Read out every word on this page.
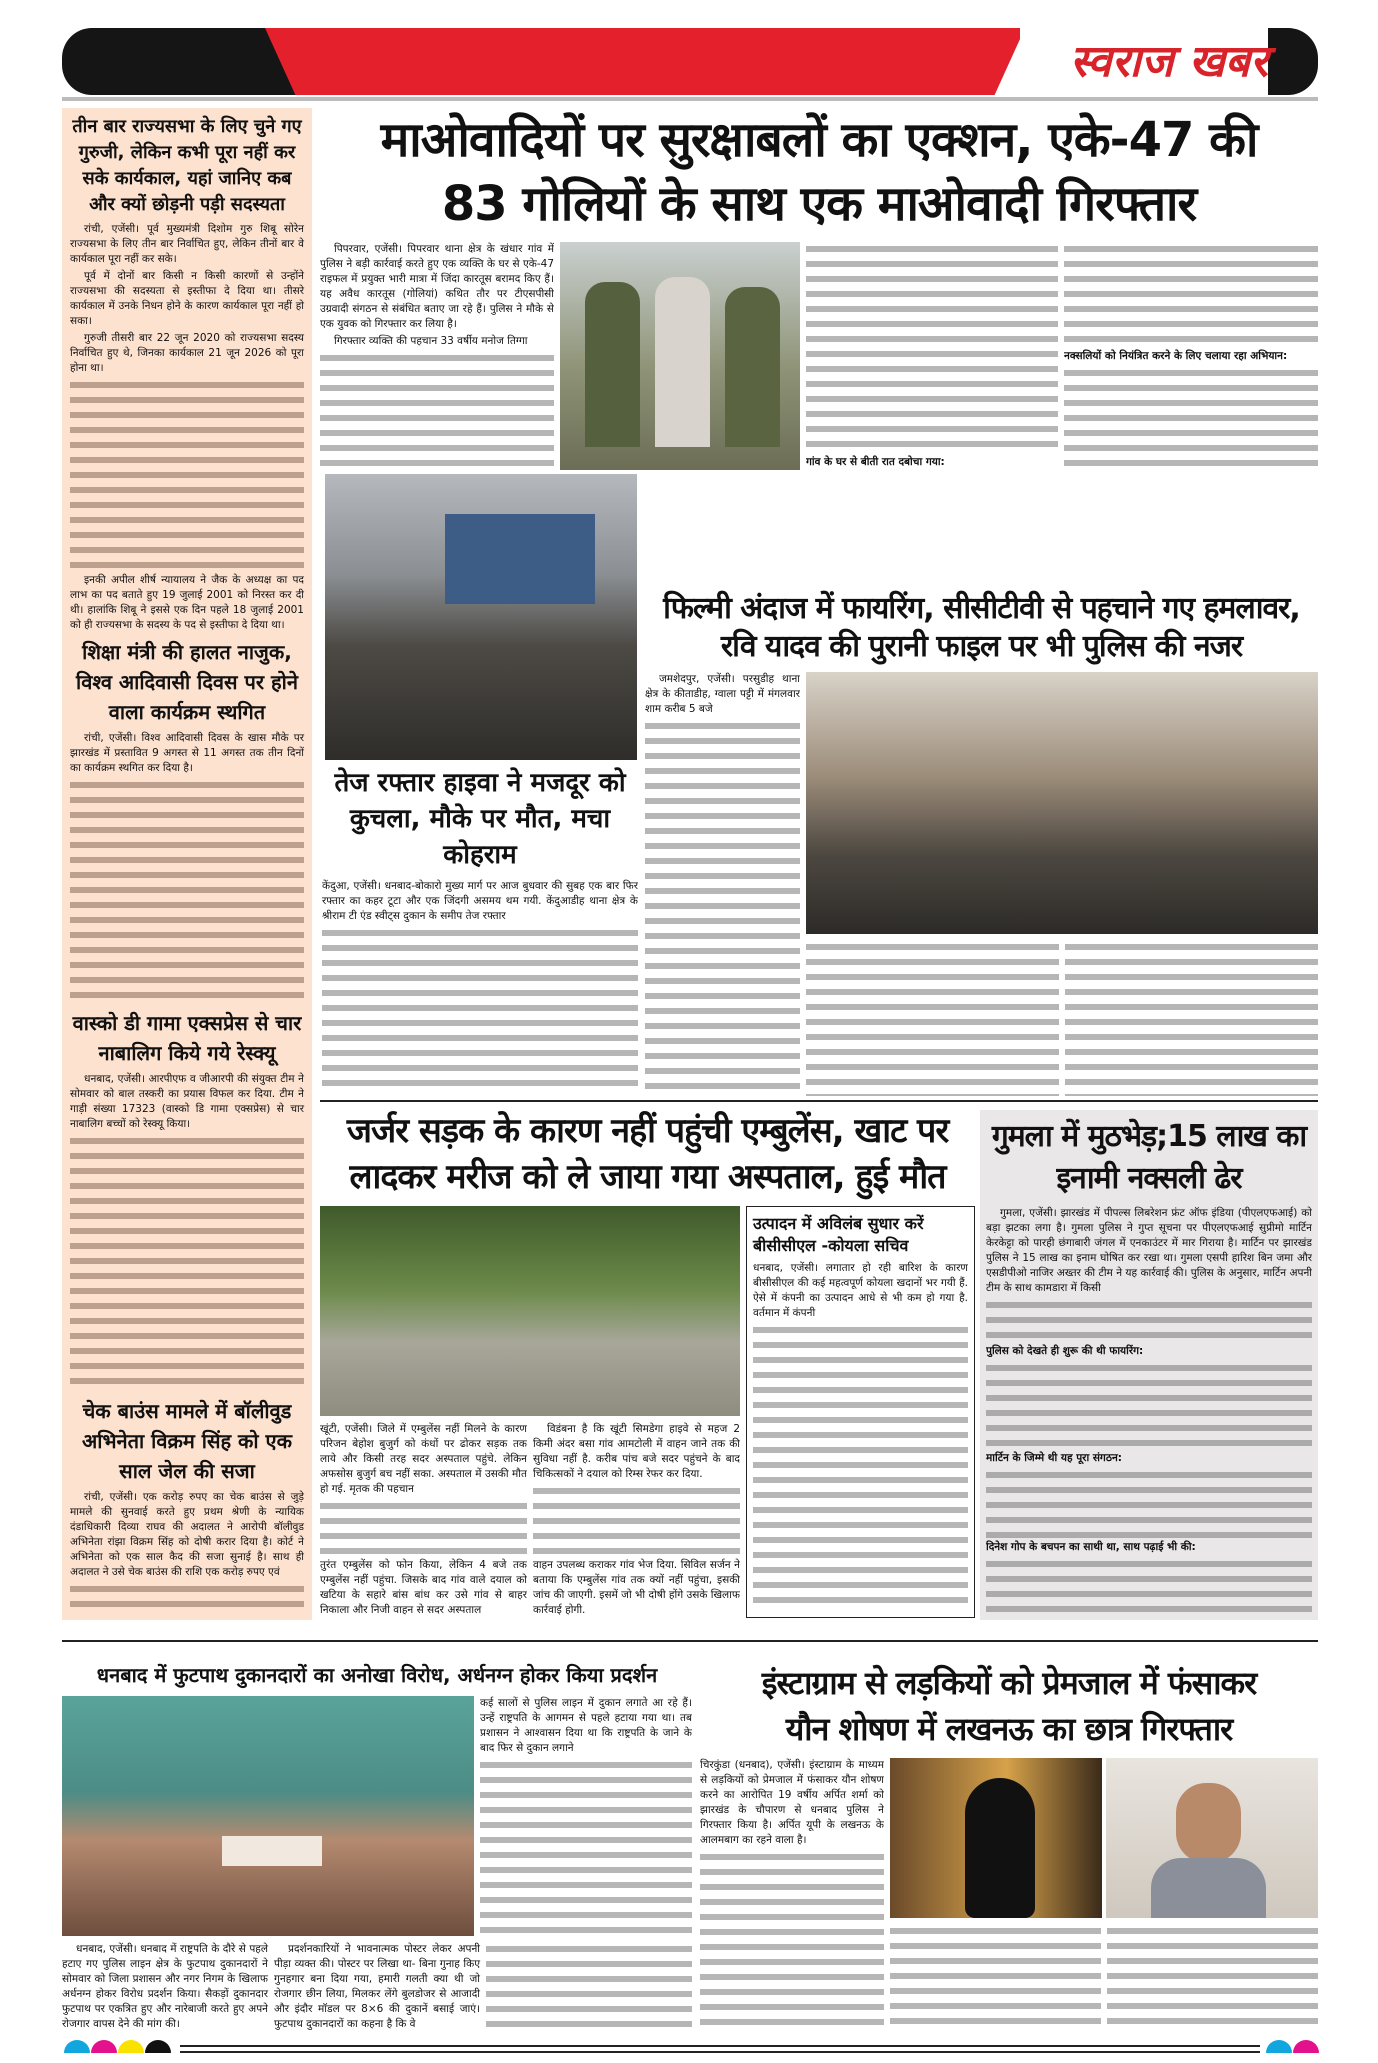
स्वराज खबर
तीन बार राज्यसभा के लिए चुने गए गुरुजी, लेकिन कभी पूरा नहीं कर सके कार्यकाल, यहां जानिए कब और क्यों छोड़नी पड़ी सदस्यता

रांची, एजेंसी। पूर्व मुख्यमंत्री दिशोम गुरु शिबू सोरेन राज्यसभा के लिए तीन बार निर्वाचित हुए, लेकिन तीनों बार वे कार्यकाल पूरा नहीं कर सके।

पूर्व में दोनों बार किसी न किसी कारणों से उन्होंने राज्यसभा की सदस्यता से इस्तीफा दे दिया था। तीसरे कार्यकाल में उनके निधन होने के कारण कार्यकाल पूरा नहीं हो सका।

गुरुजी तीसरी बार 22 जून 2020 को राज्यसभा सदस्य निर्वाचित हुए थे, जिनका कार्यकाल 21 जून 2026 को पूरा होना था।

इनकी अपील शीर्ष न्यायालय ने जैक के अध्यक्ष का पद लाभ का पद बताते हुए 19 जुलाई 2001 को निरस्त कर दी थी। हालांकि शिबू ने इससे एक दिन पहले 18 जुलाई 2001 को ही राज्यसभा के सदस्य के पद से इस्तीफा दे दिया था।

शिक्षा मंत्री की हालत नाजुक, विश्व आदिवासी दिवस पर होने वाला कार्यक्रम स्थगित

रांची, एजेंसी। विश्व आदिवासी दिवस के खास मौके पर झारखंड में प्रस्तावित 9 अगस्त से 11 अगस्त तक तीन दिनों का कार्यक्रम स्थगित कर दिया है।

वास्को डी गामा एक्सप्रेस से चार नाबालिग किये गये रेस्क्यू

धनबाद, एजेंसी। आरपीएफ व जीआरपी की संयुक्त टीम ने सोमवार को बाल तस्करी का प्रयास विफल कर दिया. टीम ने गाड़ी संख्या 17323 (वास्को डि गामा एक्सप्रेस) से चार नाबालिग बच्चों को रेस्क्यू किया।

चेक बाउंस मामले में बॉलीवुड अभिनेता विक्रम सिंह को एक साल जेल की सजा

रांची, एजेंसी। एक करोड़ रुपए का चेक बाउंस से जुड़े मामले की सुनवाई करते हुए प्रथम श्रेणी के न्यायिक दंडाधिकारी दिव्या राघव की अदालत ने आरोपी बॉलीवुड अभिनेता रांझा विक्रम सिंह को दोषी करार दिया है। कोर्ट ने अभिनेता को एक साल कैद की सजा सुनाई है। साथ ही अदालत ने उसे चेक बाउंस की राशि एक करोड़ रुपए एवं

माओवादियों पर सुरक्षाबलों का एक्शन, एके-47 की
83 गोलियों के साथ एक माओवादी गिरफ्तार

पिपरवार, एजेंसी। पिपरवार थाना क्षेत्र के खंधार गांव में पुलिस ने बड़ी कार्रवाई करते हुए एक व्यक्ति के घर से एके-47 राइफल में प्रयुक्त भारी मात्रा में जिंदा कारतूस बरामद किए हैं। यह अवैध कारतूस (गोलियां) कथित तौर पर टीएसपीसी उग्रवादी संगठन से संबंधित बताए जा रहे हैं। पुलिस ने मौके से एक युवक को गिरफ्तार कर लिया है।

गिरफ्तार व्यक्ति की पहचान 33 वर्षीय मनोज तिग्गा

गांव के घर से बीती रात दबोचा गया:
नक्सलियों को नियंत्रित करने के लिए चलाया रहा अभियान:
तेज रफ्तार हाइवा ने मजदूर को कुचला, मौके पर मौत, मचा कोहराम

केंदुआ, एजेंसी। धनबाद-बोकारो मुख्य मार्ग पर आज बुधवार की सुबह एक बार फिर रफ्तार का कहर टूटा और एक जिंदगी असमय थम गयी. केंदुआडीह थाना क्षेत्र के श्रीराम टी एंड स्वीट्स दुकान के समीप तेज रफ्तार

फिल्मी अंदाज में फायरिंग, सीसीटीवी से पहचाने गए हमलावर,
रवि यादव की पुरानी फाइल पर भी पुलिस की नजर

जमशेदपुर, एजेंसी। परसुडीह थाना क्षेत्र के कीताडीह, ग्वाला पट्टी में मंगलवार शाम करीब 5 बजे

जर्जर सड़क के कारण नहीं पहुंची एम्बुलेंस, खाट पर
लादकर मरीज को ले जाया गया अस्पताल, हुई मौत

खूंटी, एजेंसी। जिले में एम्बुलेंस नहीं मिलने के कारण परिजन बेहोश बुजुर्ग को कंधों पर ढोकर सड़क तक लाये और किसी तरह सदर अस्पताल पहुंचे. लेकिन अफसोस बुजुर्ग बच नहीं सका. अस्पताल में उसकी मौत हो गई. मृतक की पहचान

तुरंत एम्बुलेंस को फोन किया, लेकिन 4 बजे तक एम्बुलेंस नहीं पहुंचा. जिसके बाद गांव वाले दयाल को खटिया के सहारे बांस बांध कर उसे गांव से बाहर निकाला और निजी वाहन से सदर अस्पताल

विडंबना है कि खूंटी सिमडेगा हाइवे से महज 2 किमी अंदर बसा गांव आमटोली में वाहन जाने तक की सुविधा नहीं है. करीब पांच बजे सदर पहुंचने के बाद चिकित्सकों ने दयाल को रिम्स रेफर कर दिया.

वाहन उपलब्ध कराकर गांव भेज दिया. सिविल सर्जन ने बताया कि एम्बुलेंस गांव तक क्यों नहीं पहुंचा, इसकी जांच की जाएगी. इसमें जो भी दोषी होंगे उसके खिलाफ कार्रवाई होगी.

उत्पादन में अविलंब सुधार करें बीसीसीएल -कोयला सचिव

धनबाद, एजेंसी। लगातार हो रही बारिश के कारण बीसीसीएल की कई महत्वपूर्ण कोयला खदानों भर गयी हैं. ऐसे में कंपनी का उत्पादन आधे से भी कम हो गया है. वर्तमान में कंपनी

गुमला में मुठभेड़;15 लाख का इनामी नक्सली ढेर

गुमला, एजेंसी। झारखंड में पीपल्स लिबरेशन फ्रंट ऑफ इंडिया (पीएलएफआई) को बड़ा झटका लगा है। गुमला पुलिस ने गुप्त सूचना पर पीएलएफआई सुप्रीमो मार्टिन केरकेट्टा को पारही छंगाबारी जंगल में एनकाउंटर में मार गिराया है। मार्टिन पर झारखंड पुलिस ने 15 लाख का इनाम घोषित कर रखा था। गुमला एसपी हारिश बिन जमा और एसडीपीओ नाजिर अख्तर की टीम ने यह कार्रवाई की। पुलिस के अनुसार, मार्टिन अपनी टीम के साथ कामडारा में किसी

पुलिस को देखते ही शुरू की थी फायरिंग:
मार्टिन के जिम्मे थी यह पूरा संगठन:
दिनेश गोप के बचपन का साथी था, साथ पढ़ाई भी की:
धनबाद में फुटपाथ दुकानदारों का अनोखा विरोध, अर्धनग्न होकर किया प्रदर्शन

कई सालों से पुलिस लाइन में दुकान लगाते आ रहे हैं। उन्हें राष्ट्रपति के आगमन से पहले हटाया गया था। तब प्रशासन ने आश्वासन दिया था कि राष्ट्रपति के जाने के बाद फिर से दुकान लगाने

धनबाद, एजेंसी। धनबाद में राष्ट्रपति के दौरे से पहले हटाए गए पुलिस लाइन क्षेत्र के फुटपाथ दुकानदारों ने सोमवार को जिला प्रशासन और नगर निगम के खिलाफ अर्धनग्न होकर विरोध प्रदर्शन किया। सैकड़ों दुकानदार फुटपाथ पर एकत्रित हुए और नारेबाजी करते हुए अपने रोजगार वापस देने की मांग की।

प्रदर्शनकारियों ने भावनात्मक पोस्टर लेकर अपनी पीड़ा व्यक्त की। पोस्टर पर लिखा था- बिना गुनाह किए गुनहगार बना दिया गया, हमारी गलती क्या थी जो रोजगार छीन लिया, मिलकर लेंगे बुलडोजर से आजादी और इंदौर मॉडल पर 8×6 की दुकानें बसाई जाएं। फुटपाथ दुकानदारों का कहना है कि वे

इंस्टाग्राम से लड़कियों को प्रेमजाल में फंसाकर
यौन शोषण में लखनऊ का छात्र गिरफ्तार

चिरकुंडा (धनबाद), एजेंसी। इंस्टाग्राम के माध्यम से लड़कियों को प्रेमजाल में फंसाकर यौन शोषण करने का आरोपित 19 वर्षीय अर्पित शर्मा को झारखंड के चौपारण से धनबाद पुलिस ने गिरफ्तार किया है। अर्पित यूपी के लखनऊ के आलमबाग का रहने वाला है।
